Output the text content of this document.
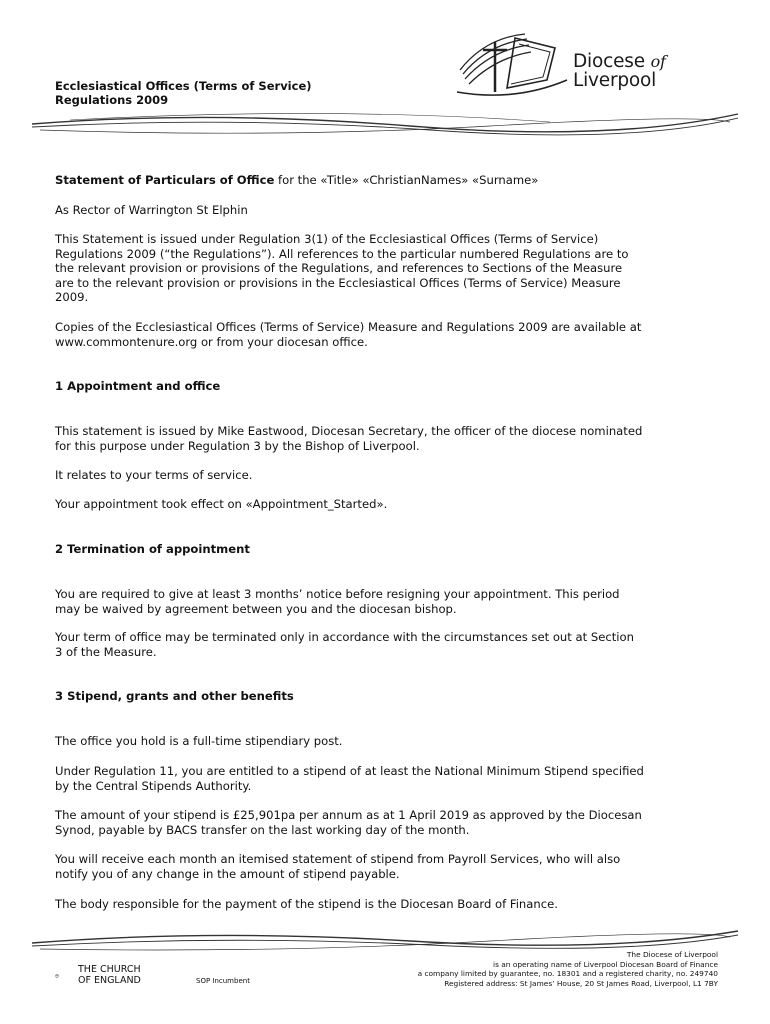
Ecclesiastical Offices (Terms of Service)
Regulations 2009
Diocese of
Liverpool
Statement of Particulars of Office for the «Title» «ChristianNames» «Surname»
As Rector of Warrington St Elphin
This Statement is issued under Regulation 3(1) of the Ecclesiastical Offices (Terms of Service)
Regulations 2009 (“the Regulations”). All references to the particular numbered Regulations are to
the relevant provision or provisions of the Regulations, and references to Sections of the Measure
are to the relevant provision or provisions in the Ecclesiastical Offices (Terms of Service) Measure
2009.
Copies of the Ecclesiastical Offices (Terms of Service) Measure and Regulations 2009 are available at
www.commontenure.org or from your diocesan office.
1 Appointment and office
This statement is issued by Mike Eastwood, Diocesan Secretary, the officer of the diocese nominated
for this purpose under Regulation 3 by the Bishop of Liverpool.
It relates to your terms of service.
Your appointment took effect on «Appointment_Started».
2 Termination of appointment
You are required to give at least 3 months’ notice before resigning your appointment. This period
may be waived by agreement between you and the diocesan bishop.
Your term of office may be terminated only in accordance with the circumstances set out at Section
3 of the Measure.
3 Stipend, grants and other benefits
The office you hold is a full-time stipendiary post.
Under Regulation 11, you are entitled to a stipend of at least the National Minimum Stipend specified
by the Central Stipends Authority.
The amount of your stipend is £25,901pa per annum as at 1 April 2019 as approved by the Diocesan
Synod, payable by BACS transfer on the last working day of the month.
You will receive each month an itemised statement of stipend from Payroll Services, who will also
notify you of any change in the amount of stipend payable.
The body responsible for the payment of the stipend is the Diocesan Board of Finance.
THE CHURCH
OF ENGLAND	SOP Incumbent
The Diocese of Liverpool
is an operating name of Liverpool Diocesan Board of Finance
a company limited by guarantee, no. 18301 and a registered charity, no. 249740
Registered address: St James’ House, 20 St James Road, Liverpool, L1 7BY
